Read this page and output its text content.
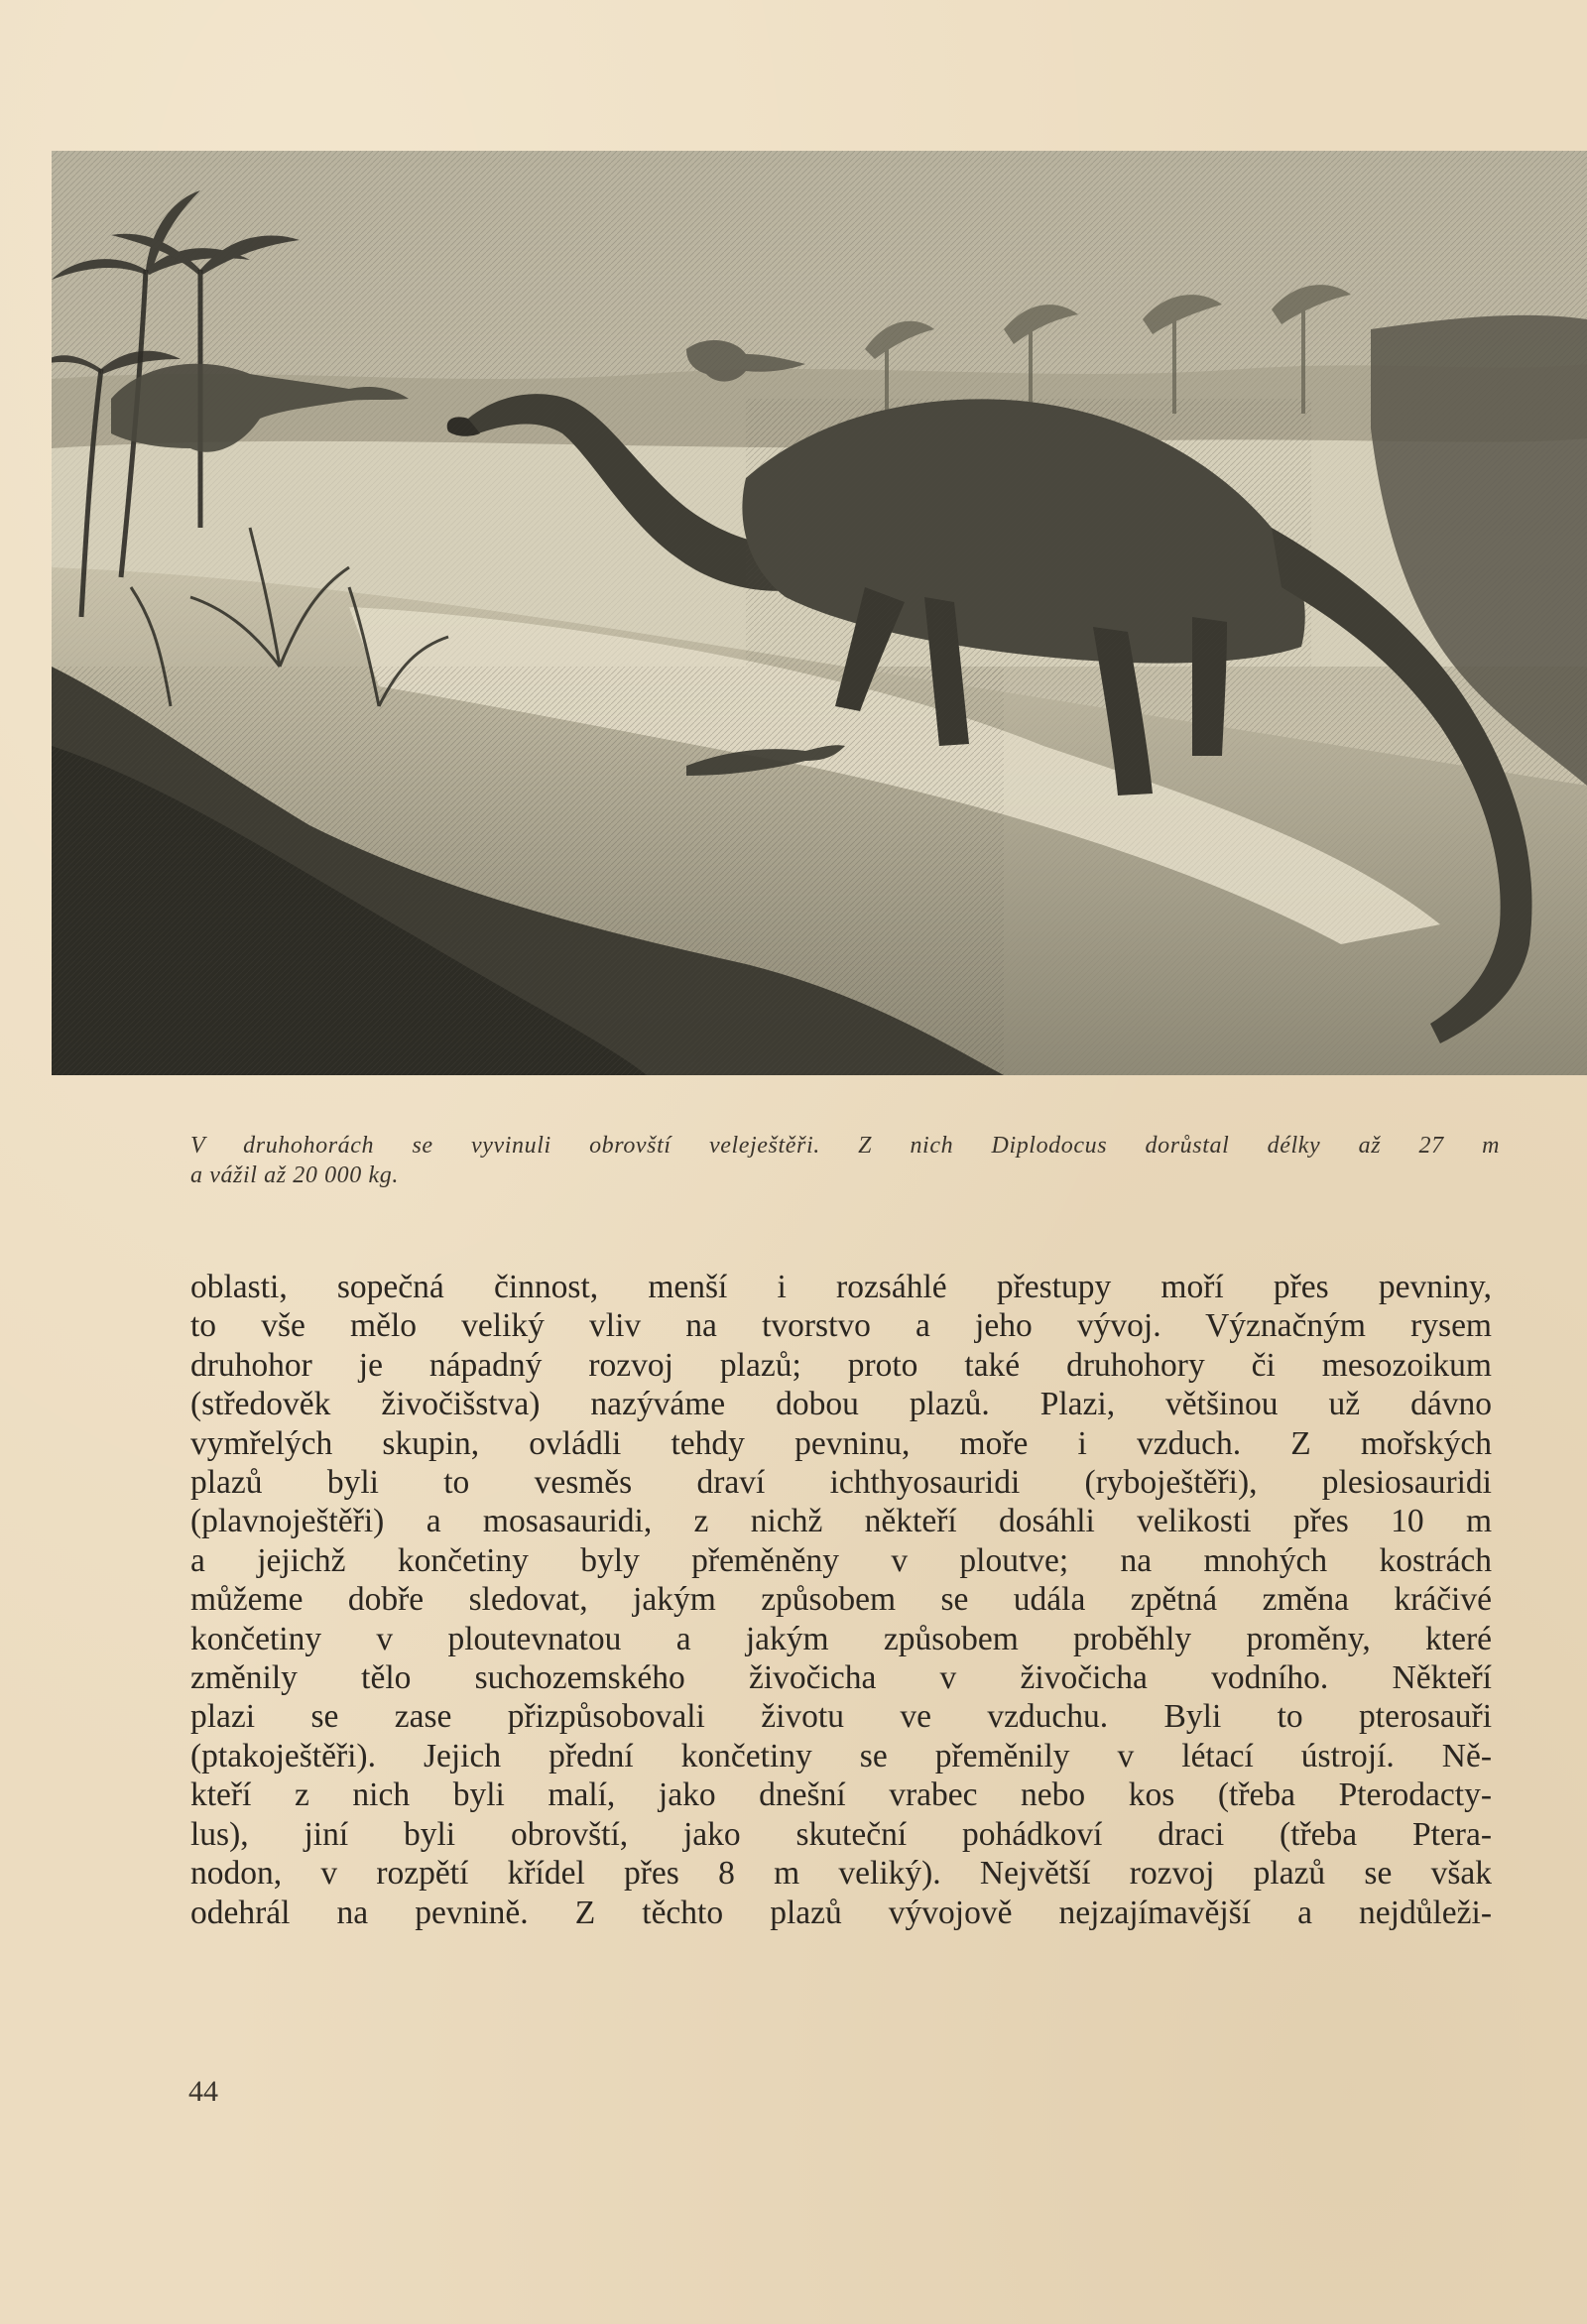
V druhohorách se vyvinuli obrovští veleještěři. Z nich Diplodocus dorůstal délky až 27 m
a vážil až 20 000 kg.
oblasti, sopečná činnost, menší i rozsáhlé přestupy moří přes pevniny,
to vše mělo veliký vliv na tvorstvo a jeho vývoj. Význačným rysem
druhohor je nápadný rozvoj plazů; proto také druhohory či mesozoikum
(středověk živočišstva) nazýváme dobou plazů. Plazi, většinou už dávno
vymřelých skupin, ovládli tehdy pevninu, moře i vzduch. Z mořských
plazů byli to vesměs draví ichthyosauridi (ryboještěři), plesiosauridi
(plavnoještěři) a mosasauridi, z nichž někteří dosáhli velikosti přes 10 m
a jejichž končetiny byly přeměněny v ploutve; na mnohých kostrách
můžeme dobře sledovat, jakým způsobem se udála zpětná změna kráčivé
končetiny v ploutevnatou a jakým způsobem proběhly proměny, které
změnily tělo suchozemského živočicha v živočicha vodního. Někteří
plazi se zase přizpůsobovali životu ve vzduchu. Byli to pterosauři
(ptakoještěři). Jejich přední končetiny se přeměnily v létací ústrojí. Ně-
kteří z nich byli malí, jako dnešní vrabec nebo kos (třeba Pterodacty-
lus), jiní byli obrovští, jako skuteční pohádkoví draci (třeba Ptera-
nodon, v rozpětí křídel přes 8 m veliký). Největší rozvoj plazů se však
odehrál na pevnině. Z těchto plazů vývojově nejzajímavější a nejdůleži-
44
